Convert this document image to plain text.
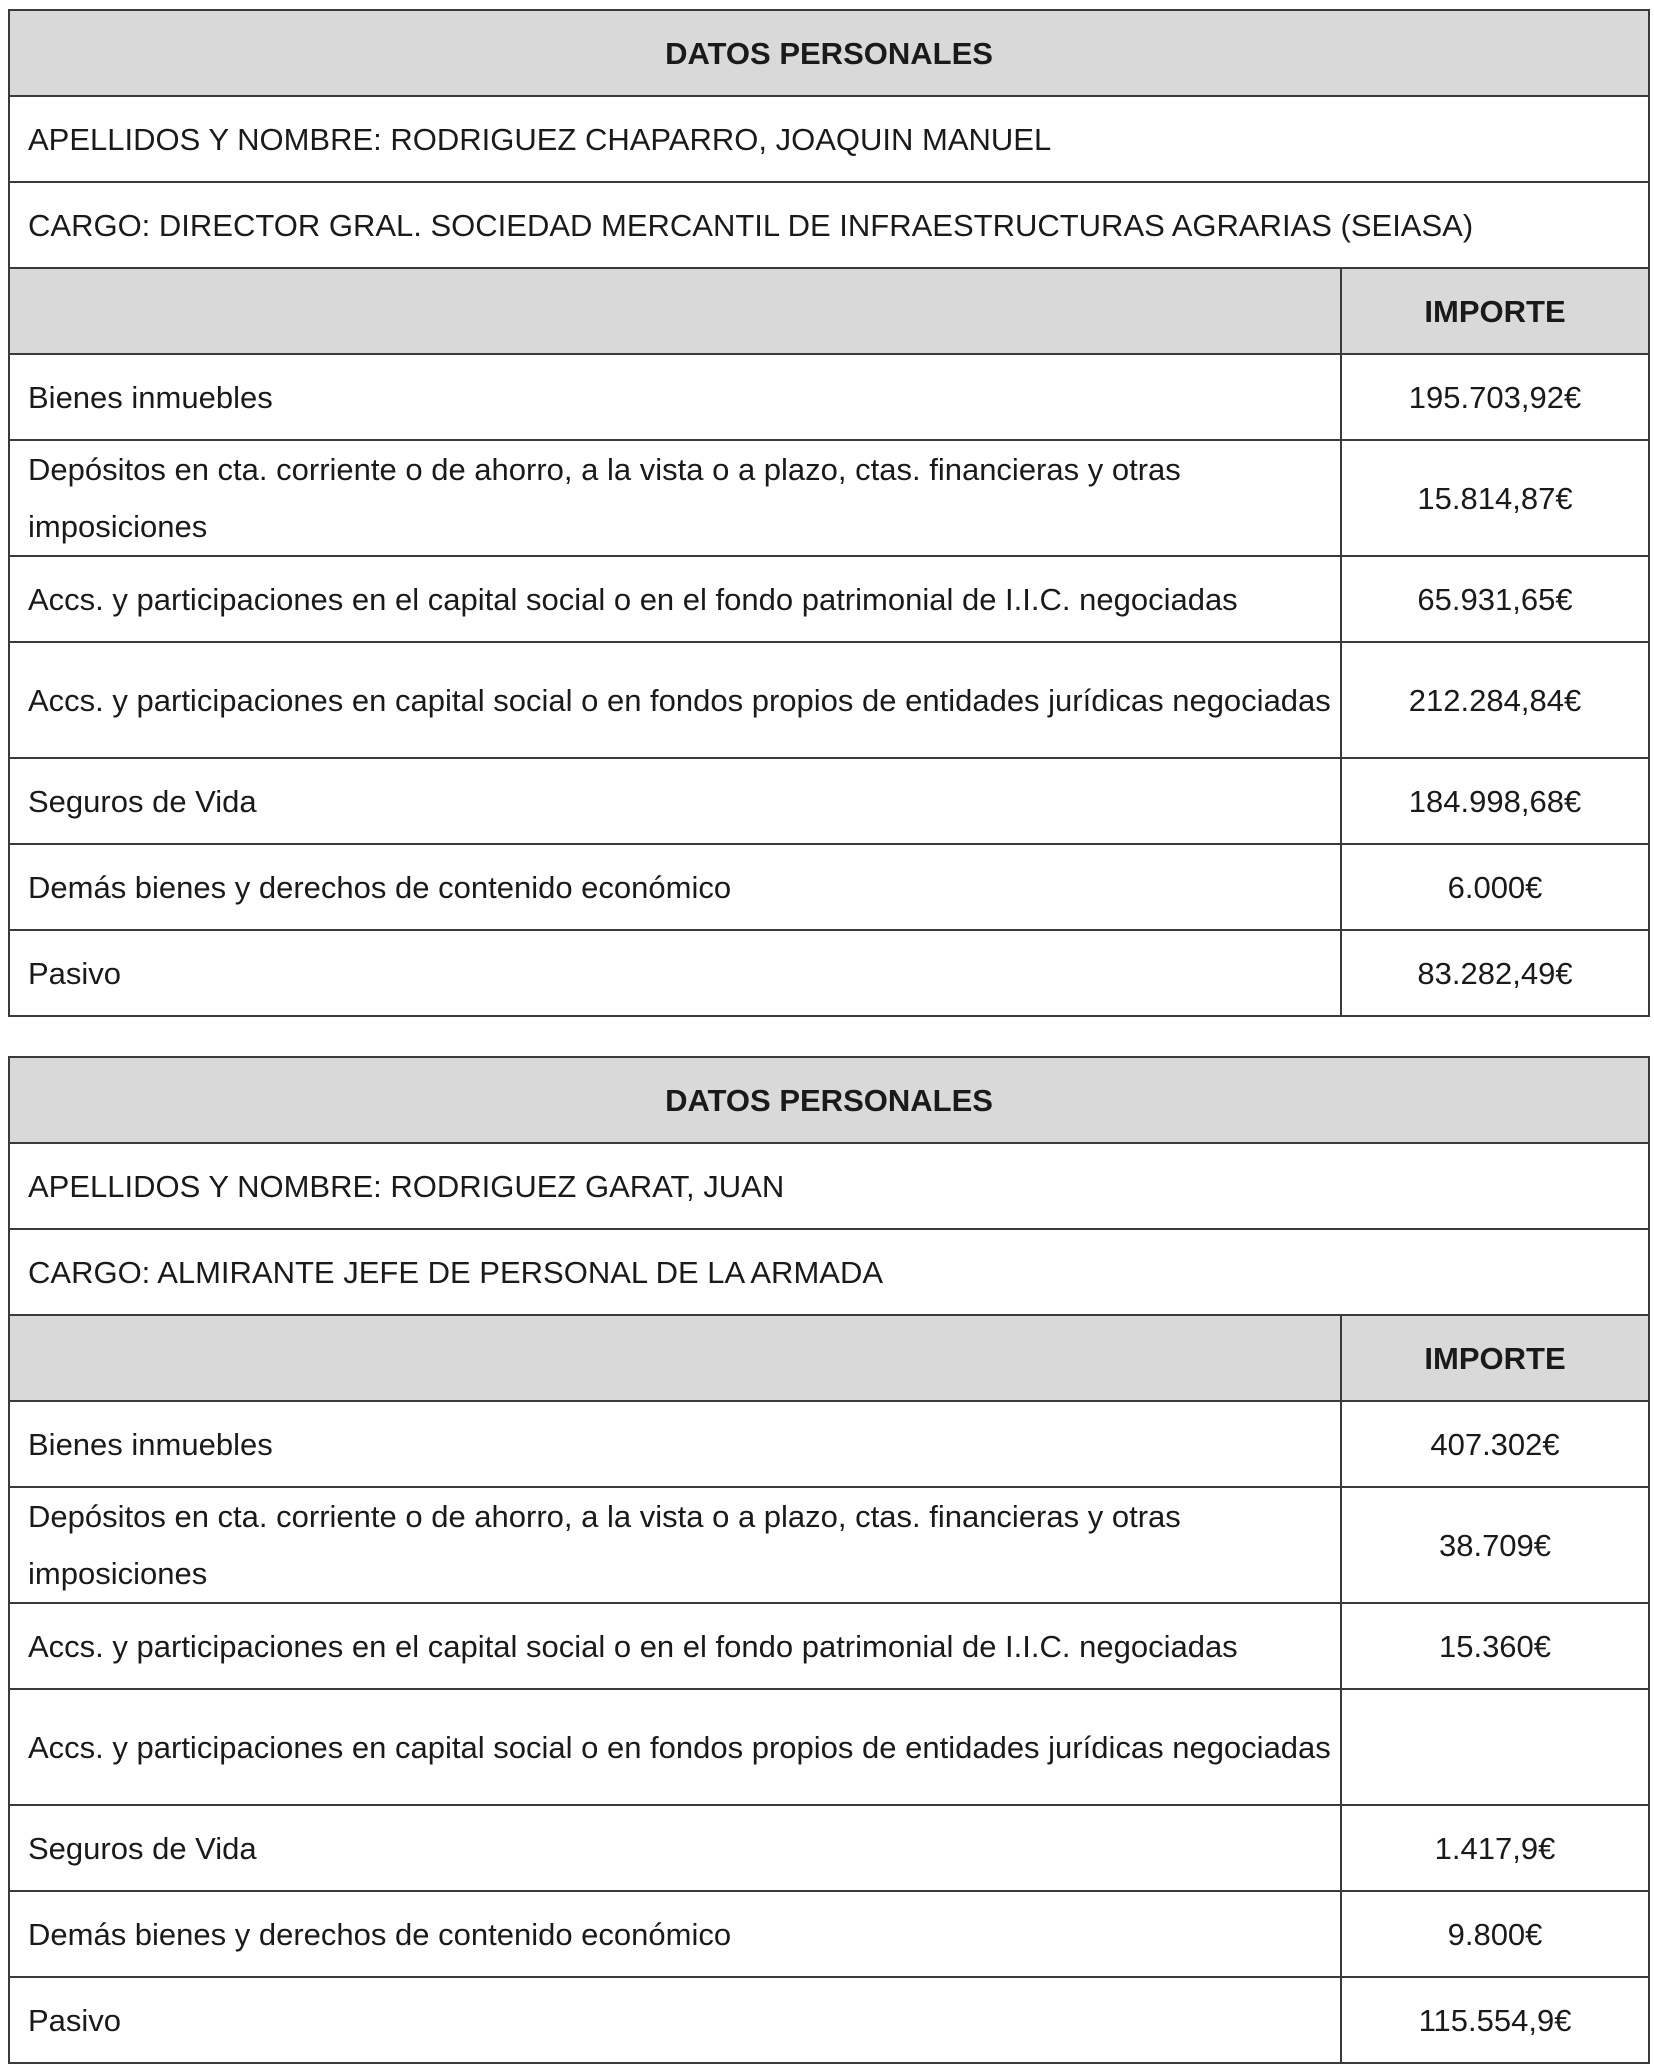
DATOS PERSONALES	
APELLIDOS Y NOMBRE: RODRIGUEZ CHAPARRO, JOAQUIN MANUEL	
CARGO: DIRECTOR GRAL. SOCIEDAD MERCANTIL DE INFRAESTRUCTURAS AGRARIAS (SEIASA)	
	IMPORTE
Bienes inmuebles	195.703,92€
Depósitos en cta. corriente o de ahorro, a la vista o a plazo, ctas. financieras y otras imposiciones	15.814,87€
Accs. y participaciones en el capital social o en el fondo patrimonial de I.I.C. negociadas	65.931,65€
Accs. y participaciones en capital social o en fondos propios de entidades jurídicas negociadas	212.284,84€
Seguros de Vida	184.998,68€
Demás bienes y derechos de contenido económico	6.000€
Pasivo	83.282,49€
DATOS PERSONALES	
APELLIDOS Y NOMBRE: RODRIGUEZ GARAT, JUAN	
CARGO: ALMIRANTE JEFE DE PERSONAL DE LA ARMADA	
	IMPORTE
Bienes inmuebles	407.302€
Depósitos en cta. corriente o de ahorro, a la vista o a plazo, ctas. financieras y otras imposiciones	38.709€
Accs. y participaciones en el capital social o en el fondo patrimonial de I.I.C. negociadas	15.360€
Accs. y participaciones en capital social o en fondos propios de entidades jurídicas negociadas	
Seguros de Vida	1.417,9€
Demás bienes y derechos de contenido económico	9.800€
Pasivo	115.554,9€
